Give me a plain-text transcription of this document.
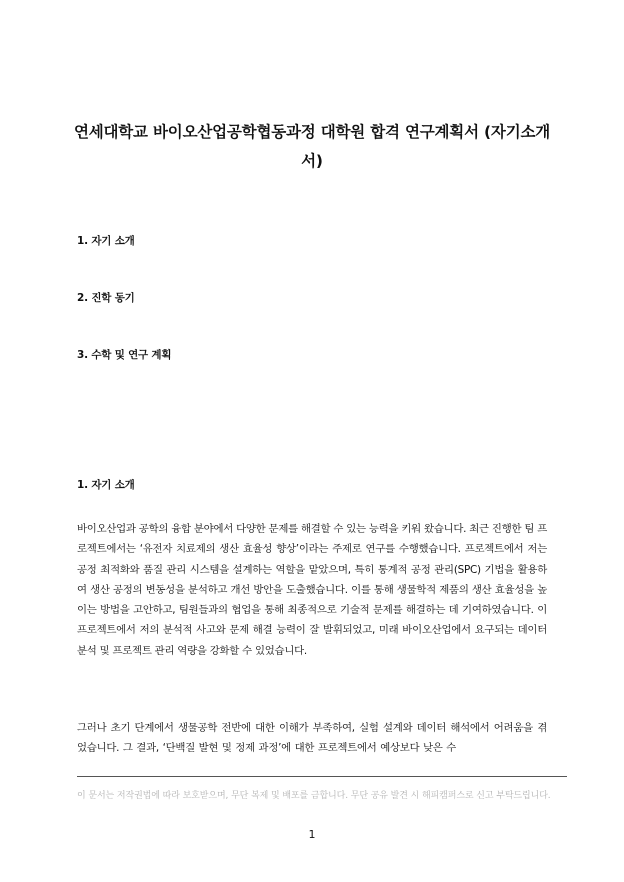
연세대학교 바이오산업공학협동과정 대학원 합격 연구계획서 (자기소개서)
1. 자기 소개
2. 진학 동기
3. 수학 및 연구 계획
1. 자기 소개

바이오산업과 공학의 융합 분야에서 다양한 문제를 해결할 수 있는 능력을 키워 왔습니다. 최근 진행한 팀 프로젝트에서는 ‘유전자 치료제의 생산 효율성 향상’이라는 주제로 연구를 수행했습니다. 프로젝트에서 저는 공정 최적화와 품질 관리 시스템을 설계하는 역할을 맡았으며, 특히 통계적 공정 관리(SPC) 기법을 활용하여 생산 공정의 변동성을 분석하고 개선 방안을 도출했습니다. 이를 통해 생물학적 제품의 생산 효율성을 높이는 방법을 고안하고, 팀원들과의 협업을 통해 최종적으로 기술적 문제를 해결하는 데 기여하였습니다. 이 프로젝트에서 저의 분석적 사고와 문제 해결 능력이 잘 발휘되었고, 미래 바이오산업에서 요구되는 데이터 분석 및 프로젝트 관리 역량을 강화할 수 있었습니다.

그러나 초기 단계에서 생물공학 전반에 대한 이해가 부족하여, 실험 설계와 데이터 해석에서 어려움을 겪었습니다. 그 결과, ‘단백질 발현 및 정제 과정’에 대한 프로젝트에서 예상보다 낮은 수

이 문서는 저작권법에 따라 보호받으며, 무단 복제 및 배포를 금합니다. 무단 공유 발견 시 해피캠퍼스로 신고 부탁드립니다.

1
